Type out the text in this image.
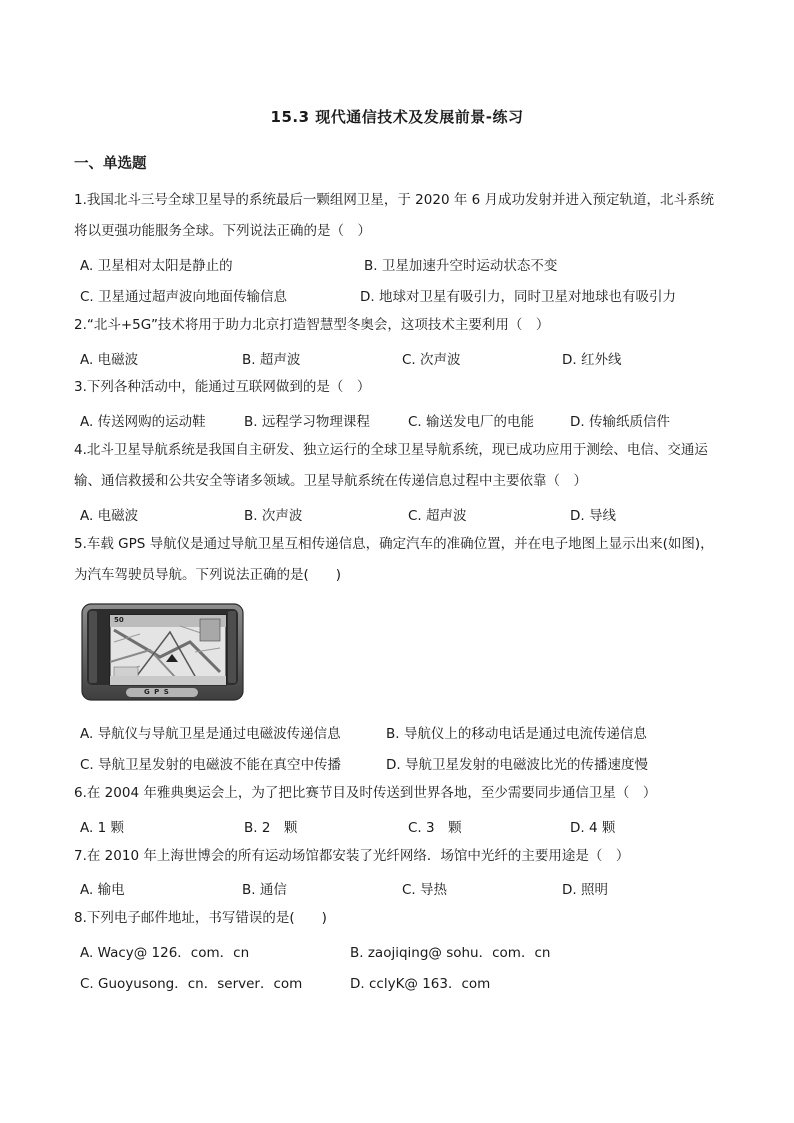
15.3 现代通信技术及发展前景-练习
一、单选题
1.我国北斗三号全球卫星导的系统最后一颗组网卫星，于 2020 年 6 月成功发射并进入预定轨道，北斗系统将以更强功能服务全球。下列说法正确的是（　）
A. 卫星相对太阳是静止的	B. 卫星加速升空时运动状态不变
C. 卫星通过超声波向地面传输信息	D. 地球对卫星有吸引力，同时卫星对地球也有吸引力
2.“北斗+5G”技术将用于助力北京打造智慧型冬奥会，这项技术主要利用（　）
A. 电磁波	B. 超声波	C. 次声波	D. 红外线
3.下列各种活动中，能通过互联网做到的是（　）
A. 传送网购的运动鞋	B. 远程学习物理课程	C. 输送发电厂的电能	D. 传输纸质信件
4.北斗卫星导航系统是我国自主研发、独立运行的全球卫星导航系统，现已成功应用于测绘、电信、交通运输、通信救援和公共安全等诸多领域。卫星导航系统在传递信息过程中主要依靠（　）
A. 电磁波	B. 次声波	C. 超声波	D. 导线
5.车载 GPS 导航仪是通过导航卫星互相传递信息，确定汽车的准确位置，并在电子地图上显示出来(如图)，为汽车驾驶员导航。下列说法正确的是(　　)
50
G P S
A. 导航仪与导航卫星是通过电磁波传递信息	B. 导航仪上的移动电话是通过电流传递信息
C. 导航卫星发射的电磁波不能在真空中传播	D. 导航卫星发射的电磁波比光的传播速度慢
6.在 2004 年雅典奥运会上，为了把比赛节目及时传送到世界各地，至少需要同步通信卫星（　）
A. 1 颗	B. 2　颗	C. 3　颗	D. 4 颗
7.在 2010 年上海世博会的所有运动场馆都安装了光纤网络．场馆中光纤的主要用途是（　）
A. 输电	B. 通信	C. 导热	D. 照明
8.下列电子邮件地址，书写错误的是(　　)
A. Wacy@ 126．com．cn	B. zaojiqing@ sohu．com．cn
C. Guoyusong．cn．server．com	D. cclyK@ 163．com
